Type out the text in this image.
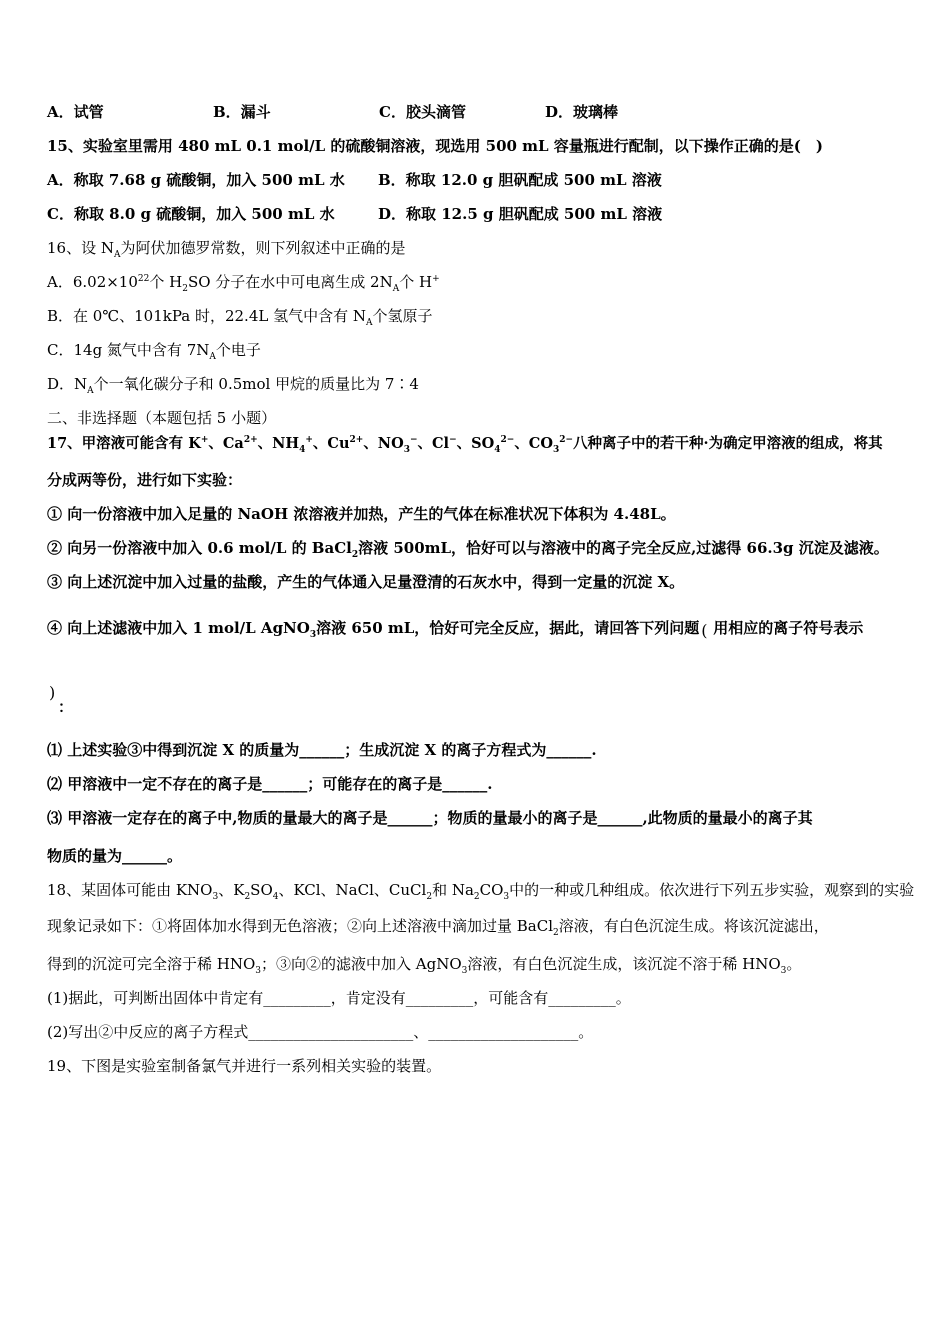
A．试管	B．漏斗	C．胶头滴管	D．玻璃棒
15、实验室里需用 480 mL 0.1 mol/L 的硫酸铜溶液，现选用 500 mL 容量瓶进行配制，以下操作正确的是(　)
A．称取 7.68 g 硫酸铜，加入 500 mL 水 B．称取 12.0 g 胆矾配成 500 mL 溶液
C．称取 8.0 g 硫酸铜，加入 500 mL 水	D．称取 12.5 g 胆矾配成 500 mL 溶液
16、设 $N_A$为阿伏加德罗常数，则下列叙述中正确的是
A．$6.02\times 10^{22}$个 $H_2SO$ 分子在水中可电离生成 $2N_A$个 H+
B．在 0℃、101kPa 时，22.4L 氢气中含有 $N_A$个氢原子
C．14g 氮气中含有 $7N_A$个电子
D．$N_A$个一氧化碳分子和 0.5mol 甲烷的质量比为 7∶4
二、非选择题（本题包括 5 小题）
17、甲溶液可能含有 K+、$Ca^{2+}$、$NH_4^+$、$Cu^{2+}$、$NO_3^-$、Cl−、$SO_4^{2-}$、$CO_3^{2-}$八种离子中的若干种·为确定甲溶液的组成，将其
分成两等份，进行如下实验：
① 向一份溶液中加入足量的 NaOH 浓溶液并加热，产生的气体在标准状况下体积为 4.48L。
② 向另一份溶液中加入 0.6 mol/L 的 BaCl$_2$溶液 500mL，恰好可以与溶液中的离子完全反应,过滤得 66.3g 沉淀及滤液。
③ 向上述沉淀中加入过量的盐酸，产生的气体通入足量澄清的石灰水中，得到一定量的沉淀 X。
④ 向上述滤液中加入 1 mol/L AgNO$_3$溶液 650 mL，恰好可完全反应，据此，请回答下列问题 ( 用相应的离子符号表示
)
：
⑴ 上述实验③中得到沉淀 X 的质量为______；生成沉淀 X 的离子方程式为______.
⑵ 甲溶液中一定不存在的离子是______；可能存在的离子是______.
⑶ 甲溶液一定存在的离子中,物质的量最大的离子是______；物质的量最小的离子是______,此物质的量最小的离子其
物质的量为______。
18、某固体可能由 $KNO_3$、$K_2SO_4$、KCl、NaCl、CuCl$_2$和 $Na_2CO_3$中的一种或几种组成。依次进行下列五步实验，观察到的实验
现象记录如下：①将固体加水得到无色溶液；②向上述溶液中滴加过量 BaCl$_2$溶液，有白色沉淀生成。将该沉淀滤出，
得到的沉淀可完全溶于稀 $HNO_3$；③向②的滤液中加入 AgNO$_3$溶液，有白色沉淀生成，该沉淀不溶于稀 $HNO_3$。
(1)据此，可判断出固体中肯定有_________，肯定没有_________，可能含有_________。
(2)写出②中反应的离子方程式______________________、____________________。
19、下图是实验室制备氯气并进行一系列相关实验的装置。
